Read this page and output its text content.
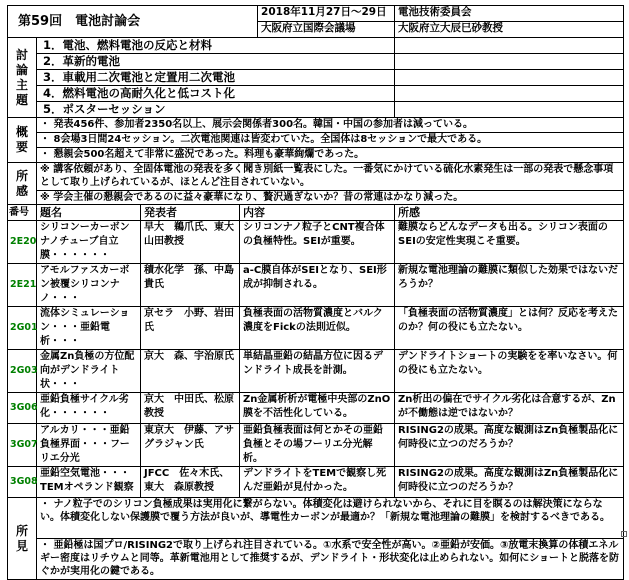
第59回　電池討論会				2018年11月27日～29日	電池技術委員会
				大阪府立国際会議場	大阪府立大辰巳砂教授

討論主題	1．電池、燃料電池の反応と材料				
	2．革新的電池				
	3．車載用二次電池と定置用二次電池				
	4．燃料電池の高耐久化と低コスト化				
	5．ポスターセッション				

概要	・ 発表456件、参加者2350名以上、展示会関係者300名。韓国・中国の参加者は減っている。				
	・ 8会場3日間24セッション。二次電池関連は皆変わていた。全国体は8セッションで最大である。				
	・ 懇親会500名超えて非常に盛況であった。料理も豪華絢爛であった。				

所感	※ 講客依頼があり、全固体電池の発表を多く聞き別紙一覧表にした。一番気にかけている硫化水素発生は一部の発表で懸念事項として取り上げられているが、ほとんど注目されていない。				
	※ 学会主催の懇親会であるのに益々豪華になり、贅沢過ぎないか？昔の常連はかなり減った。				
番号	題名	発表者	内容		所感
2E20	シリコンーカーボンナノチューブ自立膜・・・・・・	早大　鵜爪氏、東大　山田教授	シリコンナノ粒子とCNT複合体の負極特性。SEIが重要。		難膜ならどんなデータも出る。シリコン表面のSEIの安定性実現こそ重要。
2E21	アモルファスカーボン被覆シリコンナノ・・・	積水化学　孫、中島貴氏	a-C膜自体がSEIとなり、SEI形成が抑制される。		新規な電池理論の難膜に類似した効果ではないだろうか？
2G01	流体シミュレーション・・・亜鉛電析・・・	京セラ　小野、岩田氏	負極表面の活物質濃度とバルク濃度をFickの法則近似。		「負極表面の活物質濃度」とは何？反応を考えたのか？何の役にも立たない。
2G03	金属Zn負極の方位配向がデンドライト状・・・	京大　森、宇治原氏	単結晶亜鉛の結晶方位に因るデンドライト成長を計測。		デンドライトショートの実験をを率いなさい。何の役にも立たない。
3G06	亜鉛負極サイクル劣化・・・・・・	京大　中田氏、松原教授	Zn金属析析が電極中央部のZnO膜を不活性化している。		Zn析出の偏在でサイクル劣化は合意するが、Znが不働態は逆ではないか？
3G07	アルカリ・・・亜鉛負極界面・・・フーリエ分光	東京大　伊藤、アサグラジャン氏	亜鉛負極表面は何とかその亜鉛負極とその場フーリエ分光解析。		RISING2の成果。高度な観測はZn負極製品化に何時役に立つのだろうか？
3G08	亜鉛空気電池・・・TEMオペランド観察	JFCC　佐々木氏、東大　森原教授	デンドライトをTEMで観察し死んだ亜鉛が見付かった。		RISING2の成果。高度な観測はZn負極製品化に何時役に立つのだろうか？

所見	・ ナノ粒子でのシリコン負極成果は実用化に繋がらない。体積変化は避けられないから、それに目を瞑るのは解決策にならない。体積変化しない保護膜で覆う方法が良いが、導電性カーボンが最適か？「新規な電池理論の難膜」を検討するべきである。				
	・ 亜鉛極は国プロ/RISING2で取り上げられ注目されている。①水系で安全性が高い。②亜鉛が安価。③放電末換算の体積エネルギー密度はリチウムと同等。革新電池用として推奨するが、デンドライト・形状変化は止められない。如何にショートと脱落を防ぐかが実用化の鍵である。				
